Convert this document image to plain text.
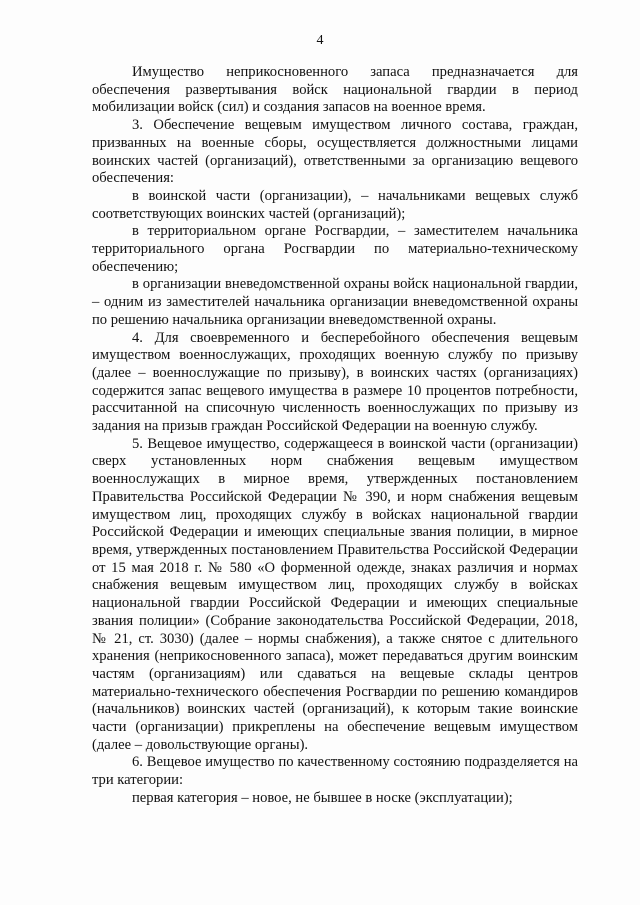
4

Имущество неприкосновенного запаса предназначается для обеспечения развертывания войск национальной гвардии в период мобилизации войск (сил) и создания запасов на военное время.

3. Обеспечение вещевым имуществом личного состава, граждан, призванных на военные сборы, осуществляется должностными лицами воинских частей (организаций), ответственными за организацию вещевого обеспечения:

в воинской части (организации), – начальниками вещевых служб соответствующих воинских частей (организаций);

в территориальном органе Росгвардии, – заместителем начальника территориального органа Росгвардии по материально-техническому обеспечению;

в организации вневедомственной охраны войск национальной гвардии, – одним из заместителей начальника организации вневедомственной охраны по решению начальника организации вневедомственной охраны.

4. Для своевременного и бесперебойного обеспечения вещевым имуществом военнослужащих, проходящих военную службу по призыву (далее – военнослужащие по призыву), в воинских частях (организациях) содержится запас вещевого имущества в размере 10 процентов потребности, рассчитанной на списочную численность военнослужащих по призыву из задания на призыв граждан Российской Федерации на военную службу.

5. Вещевое имущество, содержащееся в воинской части (организации) сверх установленных норм снабжения вещевым имуществом военнослужащих в мирное время, утвержденных постановлением Правительства Российской Федерации № 390, и норм снабжения вещевым имуществом лиц, проходящих службу в войсках национальной гвардии Российской Федерации и имеющих специальные звания полиции, в мирное время, утвержденных постановлением Правительства Российской Федерации от 15 мая 2018 г. № 580 «О форменной одежде, знаках различия и нормах снабжения вещевым имуществом лиц, проходящих службу в войсках национальной гвардии Российской Федерации и имеющих специальные звания полиции» (Собрание законодательства Российской Федерации, 2018, № 21, ст. 3030) (далее – нормы снабжения), а также снятое с длительного хранения (неприкосновенного запаса), может передаваться другим воинским частям (организациям) или сдаваться на вещевые склады центров материально-технического обеспечения Росгвардии по решению командиров (начальников) воинских частей (организаций), к которым такие воинские части (организации) прикреплены на обеспечение вещевым имуществом (далее – довольствующие органы).

6. Вещевое имущество по качественному состоянию подразделяется на три категории:

первая категория – новое, не бывшее в носке (эксплуатации);
